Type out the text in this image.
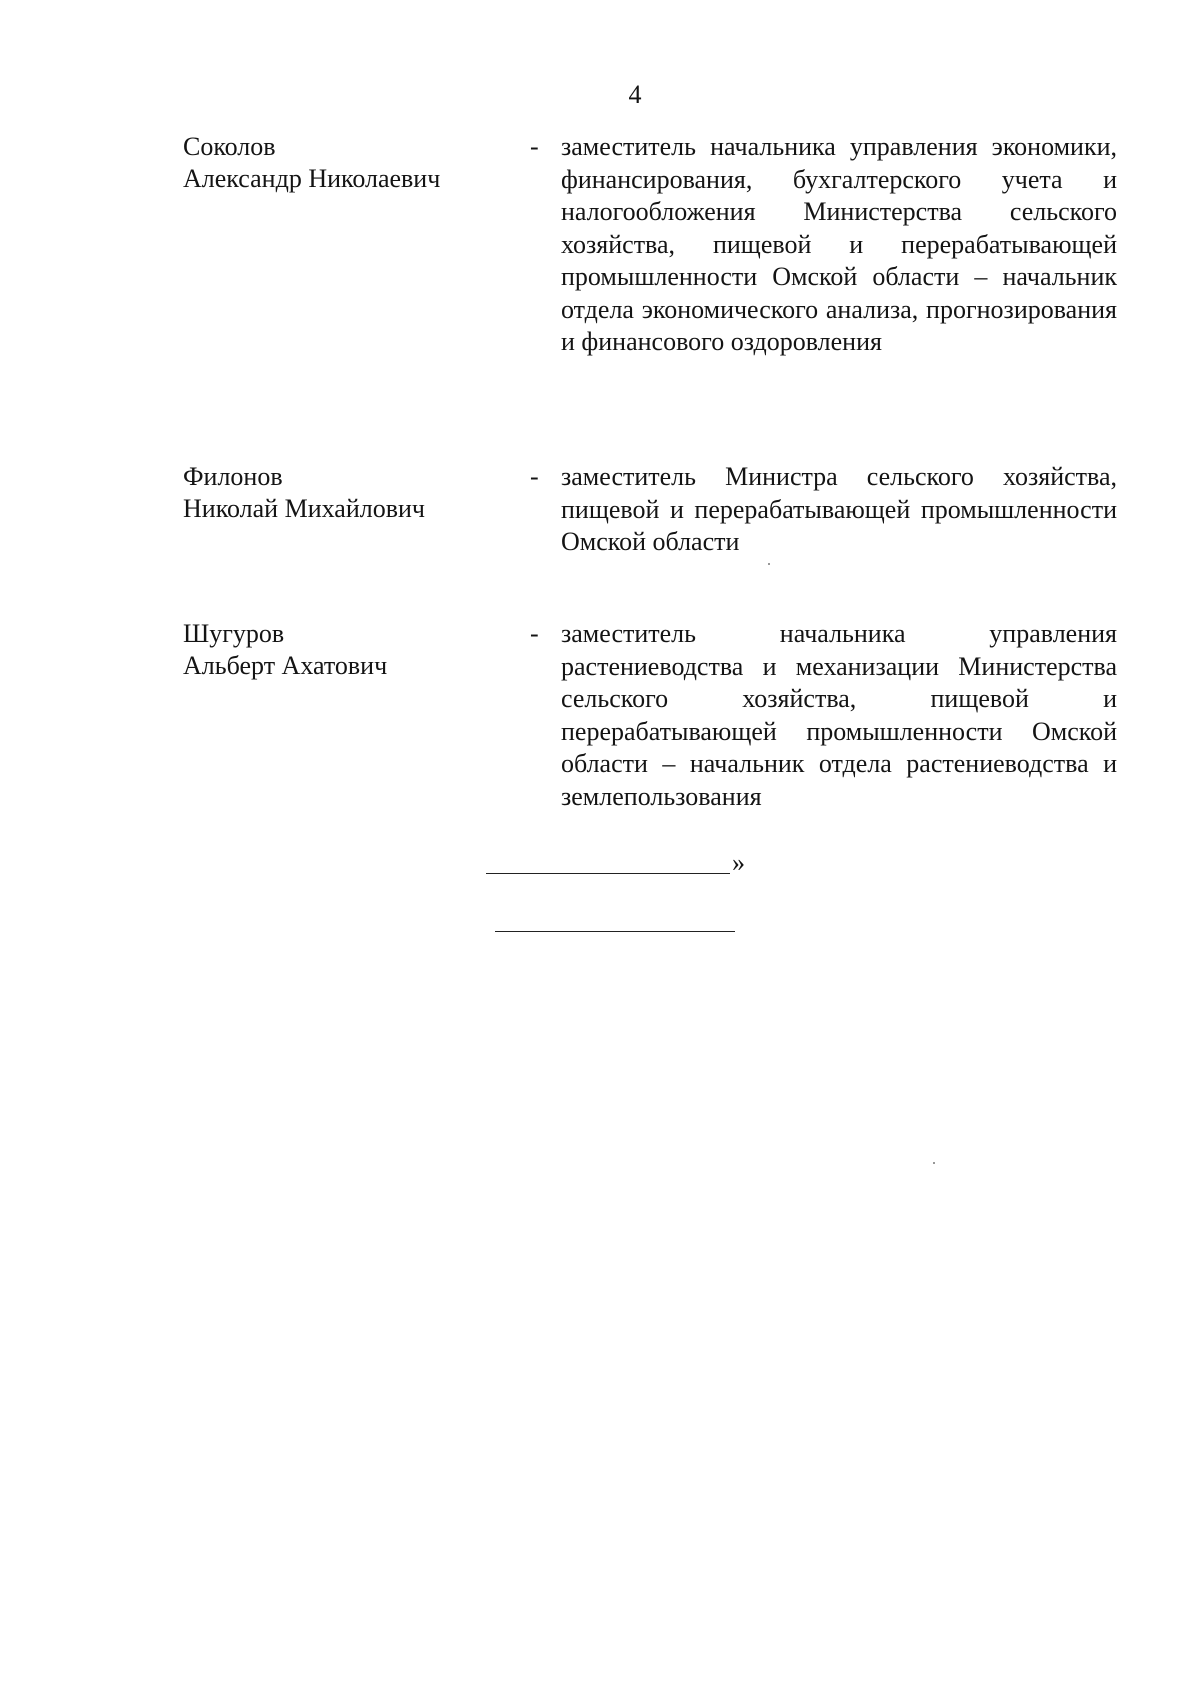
4
Соколов
Александр Николаевич
- заместитель начальника управления экономики, финансирования, бухгалтерского учета и налогообложения Министерства сельского хозяйства, пищевой и перерабатывающей промышленности Омской области – начальник отдела экономического анализа, прогнозирования и финансового оздоровления
Филонов
Николай Михайлович
- заместитель Министра сельского хозяйства, пищевой и перерабатывающей промышленности Омской области
Шугуров
Альберт Ахатович
- заместитель начальника управления растениеводства и механизации Министерства сельского хозяйства, пищевой и перерабатывающей промышленности Омской области – начальник отдела растениеводства и землепользования
»
